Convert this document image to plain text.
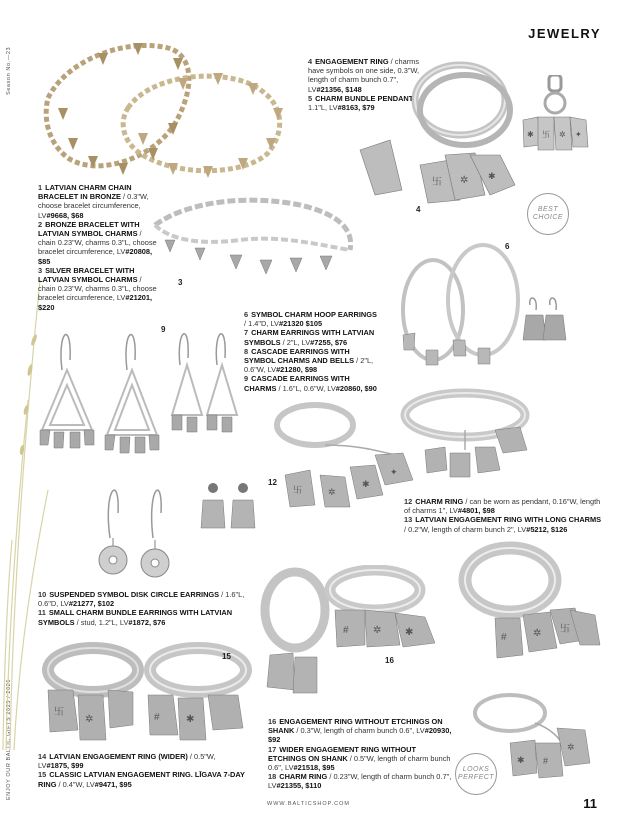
Season No.—23
ENJOY OUR BALTIC GIFTS 2025 / 2026
JEWELRY
3
1 LATVIAN CHARM CHAIN BRACELET IN BRONZE / 0.3"W, choose bracelet circumference, LV#9668, $68
2 BRONZE BRACELET WITH LATVIAN SYMBOL CHARMS / chain 0.23"W, charms 0.3"L, choose bracelet circumference, LV#20808, $85
3 SILVER BRACELET WITH LATVIAN SYMBOL CHARMS / chain 0.23"W, charms 0.3"L, choose bracelet circumference, LV#21201, $220
4 ENGAGEMENT RING / charms have symbols on one side, 0.3"W, length of charm bunch 0.7", LV#21356, $148
5 CHARM BUNDLE PENDANT / 1.1"L, LV#8163, $79
卐 ✲ ✱
4
✱ 卐 ✲ ✦
BEST CHOICE
6
6 SYMBOL CHARM HOOP EARRINGS / 1.4"D, LV#21320 $105
7 CHARM EARRINGS WITH LATVIAN SYMBOLS / 2"L, LV#7255, $76
8 CASCADE EARRINGS WITH SYMBOL CHARMS AND BELLS / 2"L, 0.6"W, LV#21280, $98
9 CASCADE EARRINGS WITH CHARMS / 1.6"L, 0.6"W, LV#20860, $90
9
卐	✲
✱
✦
12
12 CHARM RING / can be worn as pendant, 0.16"W, length of charms 1", LV#4801, $98
13 LATVIAN ENGAGEMENT RING WITH LONG CHARMS / 0.2"W, length of charm bunch 2", LV#5212, $126
10 SUSPENDED SYMBOL DISK CIRCLE EARRINGS / 1.6"L, 0.6"D, LV#21277, $102
11 SMALL CHARM BUNDLE EARRINGS WITH LATVIAN SYMBOLS / stud, 1.2"L, LV#1872, $76
卐
✲	#	✱
15
14 LATVIAN ENGAGEMENT RING (WIDER) / 0.5"W, LV#1875, $99
15 CLASSIC LATVIAN ENGAGEMENT RING. LĪGAVA 7-DAY RING / 0.4"W, LV#9471, $95
# ✲ ✱
16
#	✲ 卐
✱ #
✲
LOOKS PERFECT
16 ENGAGEMENT RING WITHOUT ETCHINGS ON SHANK / 0.3"W, length of charm bunch 0.6", LV#20930, $92
17 WIDER ENGAGEMENT RING WITHOUT ETCHINGS ON SHANK / 0.5"W, length of charm bunch 0.6", LV#21518, $95
18 CHARM RING / 0.23"W, length of charm bunch 0.7", LV#21355, $110
WWW.BALTICSHOP.COM	11
